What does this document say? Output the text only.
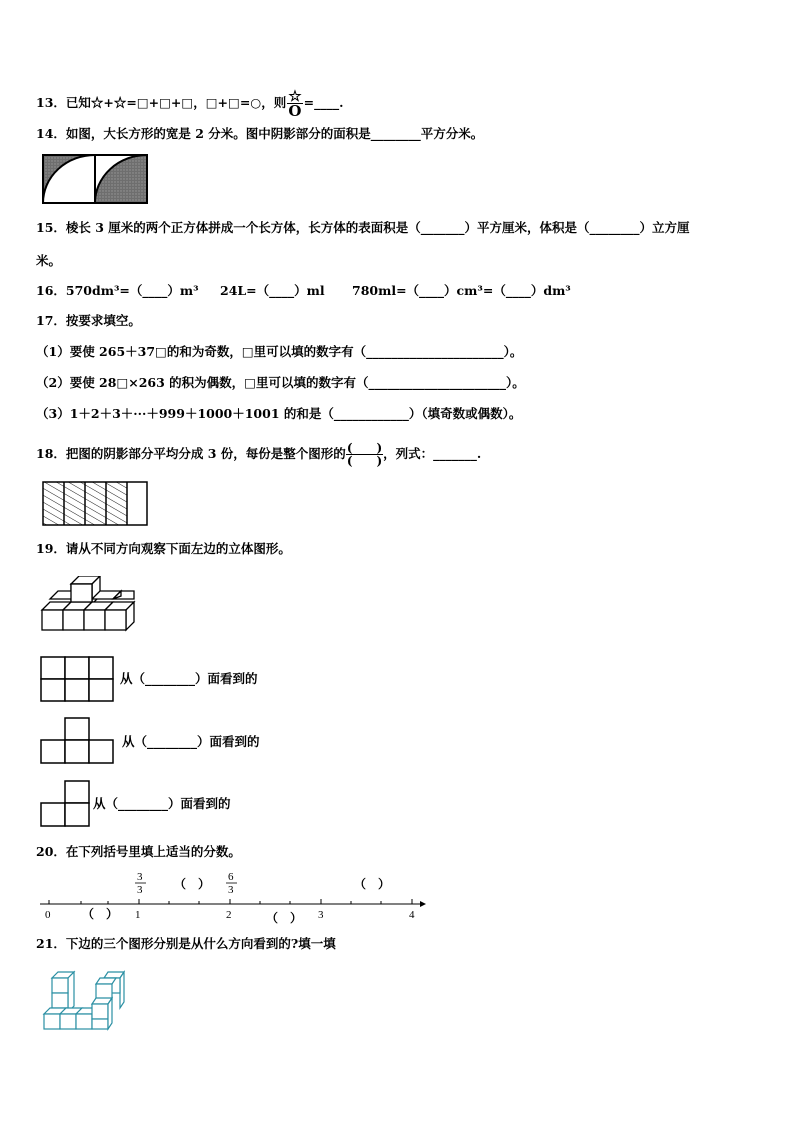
13．已知☆+☆=□+□+□，□+□=○，则 $\frac{☆}{O}$ =____.
14．如图，大长方形的宽是 2 分米。图中阴影部分的面积是________平方分米。
15．棱长 3 厘米的两个正方体拼成一个长方体，长方体的表面积是（_______）平方厘米，体积是（________）立方厘
米。
16．570dm³=（____）m³ 24L=（____）ml 780ml=（____）cm³=（____）dm³
17．按要求填空。
（1）要使 265＋37□的和为奇数，□里可以填的数字有（______________________）。
（2）要使 28□×263 的积为偶数，□里可以填的数字有（______________________）。
（3）1＋2＋3＋···＋999＋1000＋1001 的和是（____________）（填奇数或偶数）。
18．把图的阴影部分平均分成 3 份，每份是整个图形的 $\frac{( )}{( )}$ ，列式：_______.
19．请从不同方向观察下面左边的立体图形。
从（________）面看到的
从（________）面看到的
从（________）面看到的
20．在下列括号里填上适当的分数。
0	1	2	3	4
3
3
6
3
（　）	（　）
（　）	（　）
21．下边的三个图形分别是从什么方向看到的?填一填
